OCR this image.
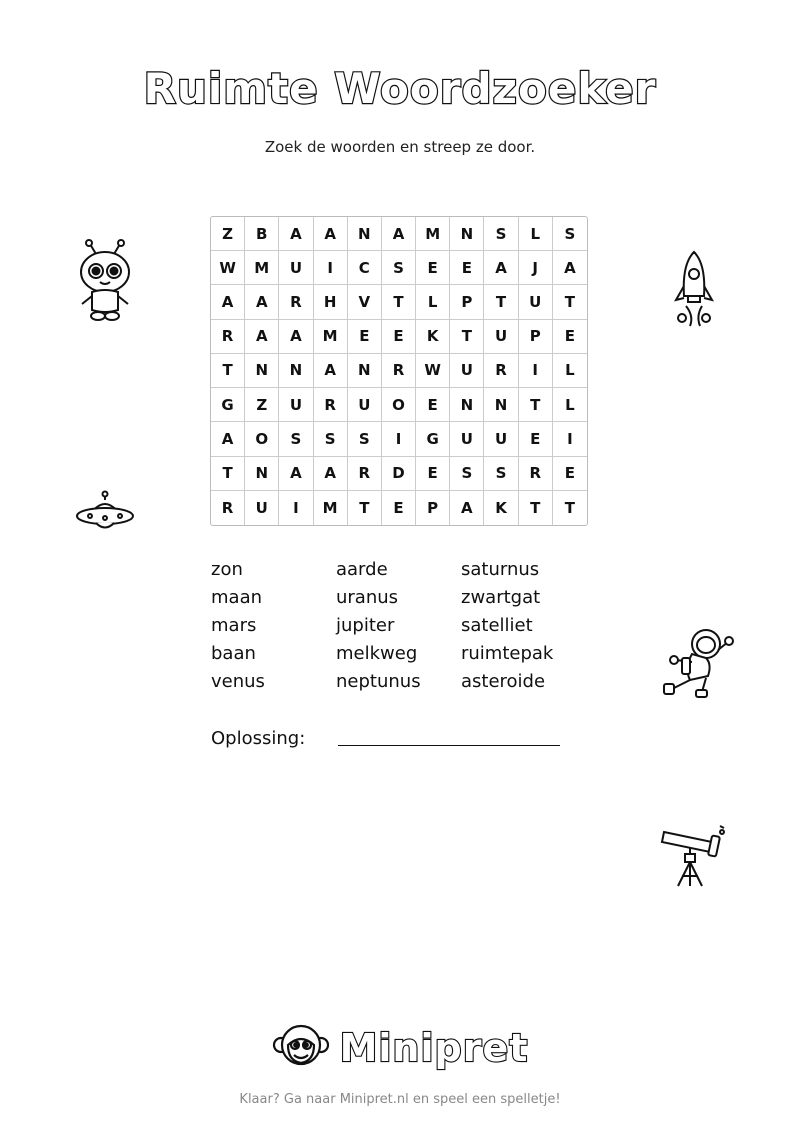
Ruimte Woordzoeker
Zoek de woorden en streep ze door.
Z	B	A	A	N	A	M	N	S	L	S
W	M	U	I	C	S	E	E	A	J	A
A	A	R	H	V	T	L	P	T	U	T
R	A	A	M	E	E	K	T	U	P	E
T	N	N	A	N	R	W	U	R	I	L
G	Z	U	R	U	O	E	N	N	T	L
A	O	S	S	S	I	G	U	U	E	I
T	N	A	A	R	D	E	S	S	R	E
R	U	I	M	T	E	P	A	K	T	T
zon	aarde	saturnus
maan	uranus	zwartgat
mars	jupiter	satelliet
baan	melkweg	ruimtepak
venus	neptunus	asteroide
Oplossing:
Minipret
Klaar? Ga naar Minipret.nl en speel een spelletje!
